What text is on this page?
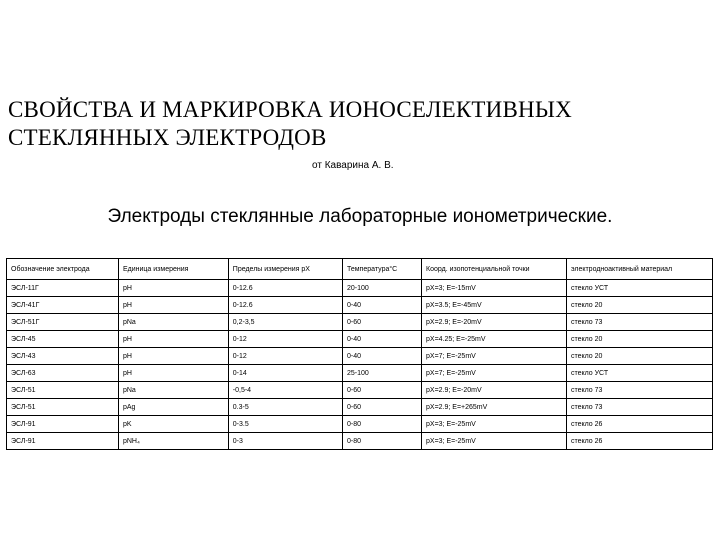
СВОЙСТВА И МАРКИРОВКА ИОНОСЕЛЕКТИВНЫХ
СТЕКЛЯННЫХ ЭЛЕКТРОДОВ
от Каварина А. В.
Электроды стеклянные лабораторные ионометрические.
Обозначение электрода	Единица измерения	Пределы измерения рХ	Температура°С	Коорд. изопотенциальной точки	электродноактивный материал
ЭСЛ-11Г	pH	0-12.6	20-100	pX=3; E=-15mV	стекло УСТ
ЭСЛ-41Г	pH	0-12.6	0-40	pX=3.5; E=-45mV	стекло 20
ЭСЛ-51Г	pNa	0,2-3,5	0-60	pX=2.9; E=-20mV	стекло 73
ЭСЛ-45	pH	0-12	0-40	pX=4.25; E=-25mV	стекло 20
ЭСЛ-43	pH	0-12	0-40	pX=7; E=-25mV	стекло 20
ЭСЛ-63	pH	0-14	25-100	pX=7; E=-25mV	стекло УСТ
ЭСЛ-51	pNa	-0,5-4	0-60	pX=2.9; E=-20mV	стекло 73
ЭСЛ-51	pAg	0.3-5	0-60	pX=2.9; E=+265mV	стекло 73
ЭСЛ-91	pK	0-3.5	0-80	pX=3; E=-25mV	стекло 26
ЭСЛ-91	pNH₄	0-3	0-80	pX=3; E=-25mV	стекло 26
